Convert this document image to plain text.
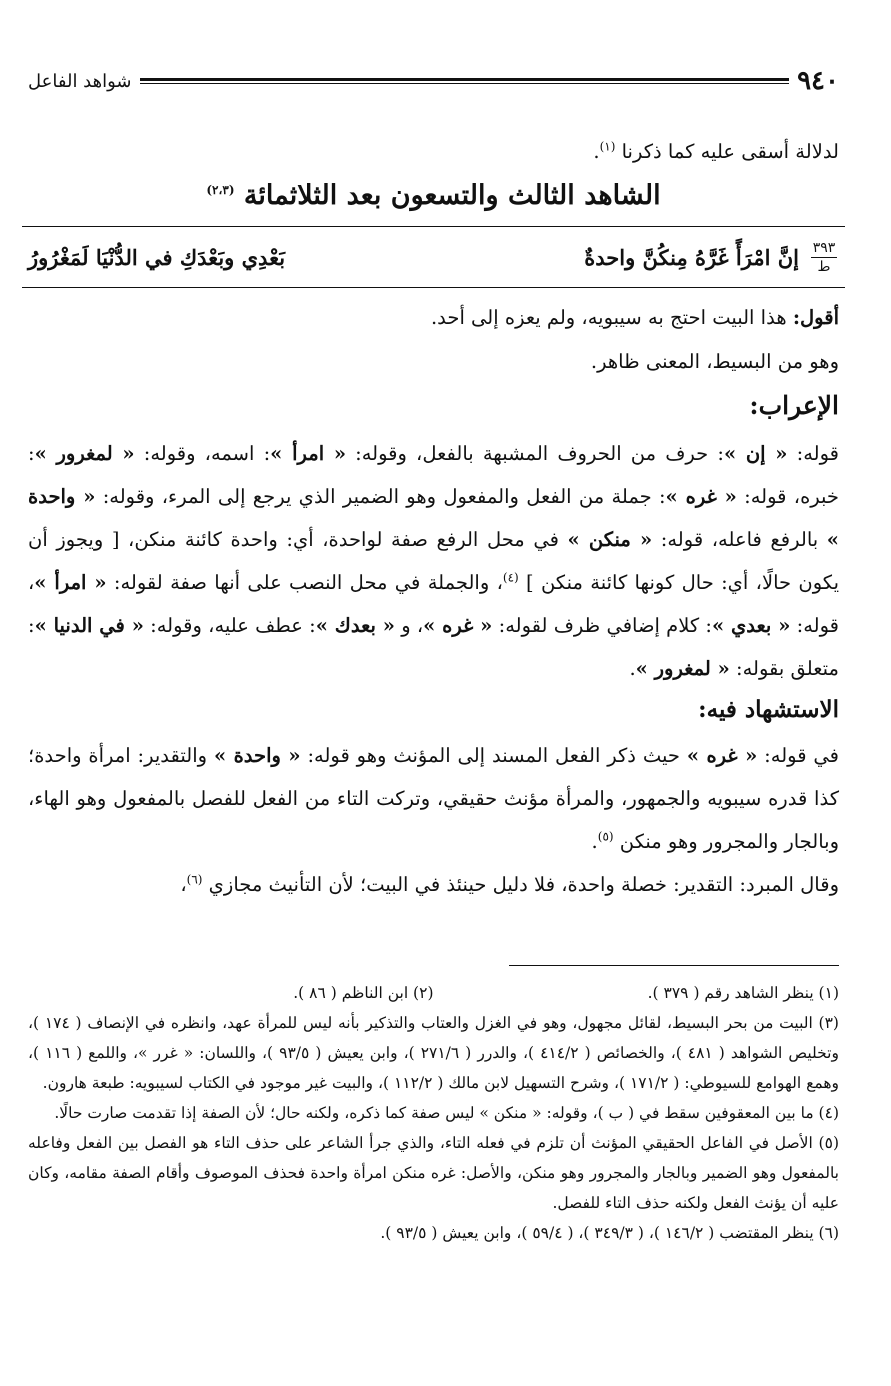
٩٤٠
شواهد الفاعل

لدلالة أسقى عليه كما ذكرنا $^{(١)}$.

الشاهد الثالث والتسعون بعد الثلاثمائة $^{(٢،٣)}$
٣٩٣
ط
إنَّ امْرَأً غَرَّهُ مِنكُنَّ واحدةٌ
بَعْدِي وبَعْدَكِ في الدُّنْيَا لَمَغْرُورُ

أقول: هذا البيت احتج به سيبويه، ولم يعزه إلى أحد.

وهو من البسيط، المعنى ظاهر.

الإعراب:

قوله: « إن »: حرف من الحروف المشبهة بالفعل، وقوله: « امرأ »: اسمه، وقوله: « لمغرور »: خبره، قوله: « غره »: جملة من الفعل والمفعول وهو الضمير الذي يرجع إلى المرء، وقوله: « واحدة » بالرفع فاعله، قوله: « منكن » في محل الرفع صفة لواحدة، أي: واحدة كائنة منكن، [ ويجوز أن يكون حالًا، أي: حال كونها كائنة منكن ] $^{(٤)}$، والجملة في محل النصب على أنها صفة لقوله: « امرأ »، قوله: « بعدي »: كلام إضافي ظرف لقوله: « غره »، و « بعدك »: عطف عليه، وقوله: « في الدنيا »: متعلق بقوله: « لمغرور ».

الاستشهاد فيه:

في قوله: « غره » حيث ذكر الفعل المسند إلى المؤنث وهو قوله: « واحدة » والتقدير: امرأة واحدة؛ كذا قدره سيبويه والجمهور، والمرأة مؤنث حقيقي، وتركت التاء من الفعل للفصل بالمفعول وهو الهاء، وبالجار والمجرور وهو منكن $^{(٥)}$.

وقال المبرد: التقدير: خصلة واحدة، فلا دليل حينئذ في البيت؛ لأن التأنيث مجازي $^{(٦)}$،

(١) ينظر الشاهد رقم ( ٣٧٩ ).
(٢) ابن الناظم ( ٨٦ ).

(٣) البيت من بحر البسيط، لقائل مجهول، وهو في الغزل والعتاب والتذكير بأنه ليس للمرأة عهد، وانظره في الإنصاف ( ١٧٤ )، وتخليص الشواهد ( ٤٨١ )، والخصائص ( ٤١٤/٢ )، والدرر ( ٢٧١/٦ )، وابن يعيش ( ٩٣/٥ )، واللسان: « غرر »، واللمع ( ١١٦ )، وهمع الهوامع للسيوطي: ( ١٧١/٢ )، وشرح التسهيل لابن مالك ( ١١٢/٢ )، والبيت غير موجود في الكتاب لسيبويه: طبعة هارون.

(٤) ما بين المعقوفين سقط في ( ب )، وقوله: « منكن » ليس صفة كما ذكره، ولكنه حال؛ لأن الصفة إذا تقدمت صارت حالًا.

(٥) الأصل في الفاعل الحقيقي المؤنث أن تلزم في فعله التاء، والذي جرأ الشاعر على حذف التاء هو الفصل بين الفعل وفاعله بالمفعول وهو الضمير وبالجار والمجرور وهو منكن، والأصل: غره منكن امرأة واحدة فحذف الموصوف وأقام الصفة مقامه، وكان عليه أن يؤنث الفعل ولكنه حذف التاء للفصل.

(٦) ينظر المقتضب ( ١٤٦/٢ )، ( ٣٤٩/٣ )، ( ٥٩/٤ )، وابن يعيش ( ٩٣/٥ ).
